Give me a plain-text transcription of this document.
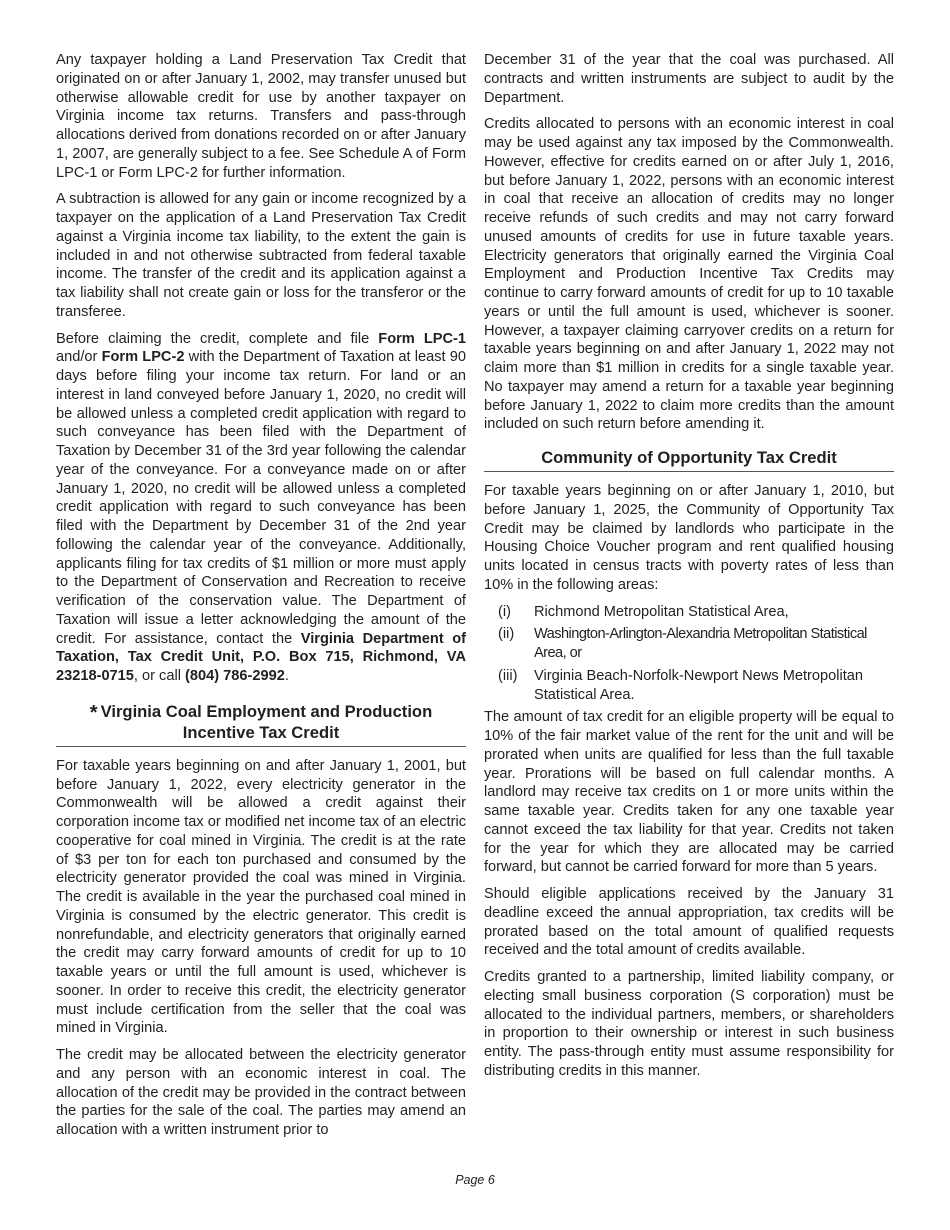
Any taxpayer holding a Land Preservation Tax Credit that originated on or after January 1, 2002, may transfer unused but otherwise allowable credit for use by another taxpayer on Virginia income tax returns. Transfers and pass-through allocations derived from donations recorded on or after January 1, 2007, are generally subject to a fee. See Schedule A of Form LPC-1 or Form LPC-2 for further information.

A subtraction is allowed for any gain or income recognized by a taxpayer on the application of a Land Preservation Tax Credit against a Virginia income tax liability, to the extent the gain is included in and not otherwise subtracted from federal taxable income. The transfer of the credit and its application against a tax liability shall not create gain or loss for the transferor or the transferee.

Before claiming the credit, complete and file Form LPC-1 and/or Form LPC-2 with the Department of Taxation at least 90 days before filing your income tax return. For land or an interest in land conveyed before January 1, 2020, no credit will be allowed unless a completed credit application with regard to such conveyance has been filed with the Department of Taxation by December 31 of the 3rd year following the calendar year of the conveyance. For a conveyance made on or after January 1, 2020, no credit will be allowed unless a completed credit application with regard to such conveyance has been filed with the Department by December 31 of the 2nd year following the calendar year of the conveyance. Additionally, applicants filing for tax credits of $1 million or more must apply to the Department of Conservation and Recreation to receive verification of the conservation value. The Department of Taxation will issue a letter acknowledging the amount of the credit. For assistance, contact the Virginia Department of Taxation, Tax Credit Unit, P.O. Box 715, Richmond, VA 23218-0715, or call (804) 786-2992.

* Virginia Coal Employment and Production
Incentive Tax Credit

For taxable years beginning on and after January 1, 2001, but before January 1, 2022, every electricity generator in the Commonwealth will be allowed a credit against their corporation income tax or modified net income tax of an electric cooperative for coal mined in Virginia. The credit is at the rate of $3 per ton for each ton purchased and consumed by the electricity generator provided the coal was mined in Virginia. The credit is available in the year the purchased coal mined in Virginia is consumed by the electric generator. This credit is nonrefundable, and electricity generators that originally earned the credit may carry forward amounts of credit for up to 10 taxable years or until the full amount is used, whichever is sooner. In order to receive this credit, the electricity generator must include certification from the seller that the coal was mined in Virginia.

The credit may be allocated between the electricity generator and any person with an economic interest in coal. The allocation of the credit may be provided in the contract between the parties for the sale of the coal. The parties may amend an allocation with a written instrument prior to

December 31 of the year that the coal was purchased. All contracts and written instruments are subject to audit by the Department.

Credits allocated to persons with an economic interest in coal may be used against any tax imposed by the Commonwealth. However, effective for credits earned on or after July 1, 2016, but before January 1, 2022, persons with an economic interest in coal that receive an allocation of credits may no longer receive refunds of such credits and may not carry forward unused amounts of credits for use in future taxable years. Electricity generators that originally earned the Virginia Coal Employment and Production Incentive Tax Credits may continue to carry forward amounts of credit for up to 10 taxable years or until the full amount is used, whichever is sooner. However, a taxpayer claiming carryover credits on a return for taxable years beginning on and after January 1, 2022 may not claim more than $1 million in credits for a single taxable year. No taxpayer may amend a return for a taxable year beginning before January 1, 2022 to claim more credits than the amount included on such return before amending it.

Community of Opportunity Tax Credit

For taxable years beginning on or after January 1, 2010, but before January 1, 2025, the Community of Opportunity Tax Credit may be claimed by landlords who participate in the Housing Choice Voucher program and rent qualified housing units located in census tracts with poverty rates of less than 10% in the following areas:

(i)	Richmond Metropolitan Statistical Area,
(ii)	Washington-Arlington-Alexandria Metropolitan Statistical Area, or
(iii)	Virginia Beach-Norfolk-Newport News Metropolitan Statistical Area.

The amount of tax credit for an eligible property will be equal to 10% of the fair market value of the rent for the unit and will be prorated when units are qualified for less than the full taxable year. Prorations will be based on full calendar months. A landlord may receive tax credits on 1 or more units within the same taxable year. Credits taken for any one taxable year cannot exceed the tax liability for that year. Credits not taken for the year for which they are allocated may be carried forward, but cannot be carried forward for more than 5 years.

Should eligible applications received by the January 31 deadline exceed the annual appropriation, tax credits will be prorated based on the total amount of qualified requests received and the total amount of credits available.

Credits granted to a partnership, limited liability company, or electing small business corporation (S corporation) must be allocated to the individual partners, members, or shareholders in proportion to their ownership or interest in such business entity. The pass-through entity must assume responsibility for distributing credits in this manner.

Page 6
